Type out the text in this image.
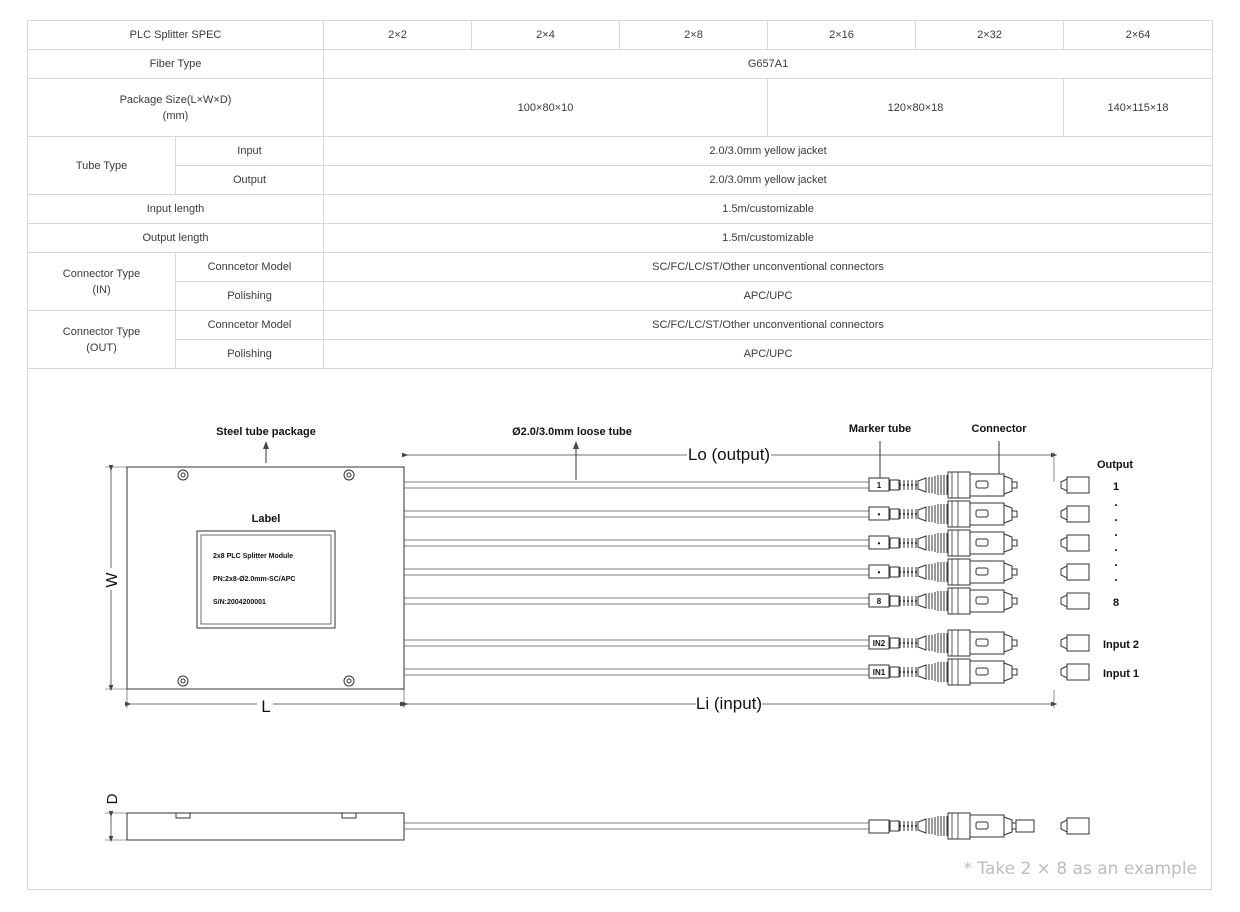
PLC Splitter SPEC		2×2	2×4	2×8	2×16	2×32	2×64
Fiber Type		G657A1					

Package Size(L×W×D)
(mm)		100×80×10			120×80×18		140×115×18
Tube Type	Input	2.0/3.0mm yellow jacket					
	Output	2.0/3.0mm yellow jacket					
Input length		1.5m/customizable					
Output length		1.5m/customizable					

Connector Type
(IN)	Conncetor Model	SC/FC/LC/ST/Other unconventional connectors					
	Polishing	APC/UPC					

Connector Type
(OUT)	Conncetor Model	SC/FC/LC/ST/Other unconventional connectors					
	Polishing	APC/UPC					
Steel tube package	Ø2.0/3.0mm loose tube	Marker tube	Connector
Lo (output)
Label
2x8 PLC Splitter Module
PN:2x8-Ø2.0mm-SC/APC
S/N:2004200001
W
L
1
•
•
•
8
IN2
IN1
Output
1
.
.
.
.
.
.
8
Input 2
Input 1
Li (input)
D
* Take 2 × 8 as an example
